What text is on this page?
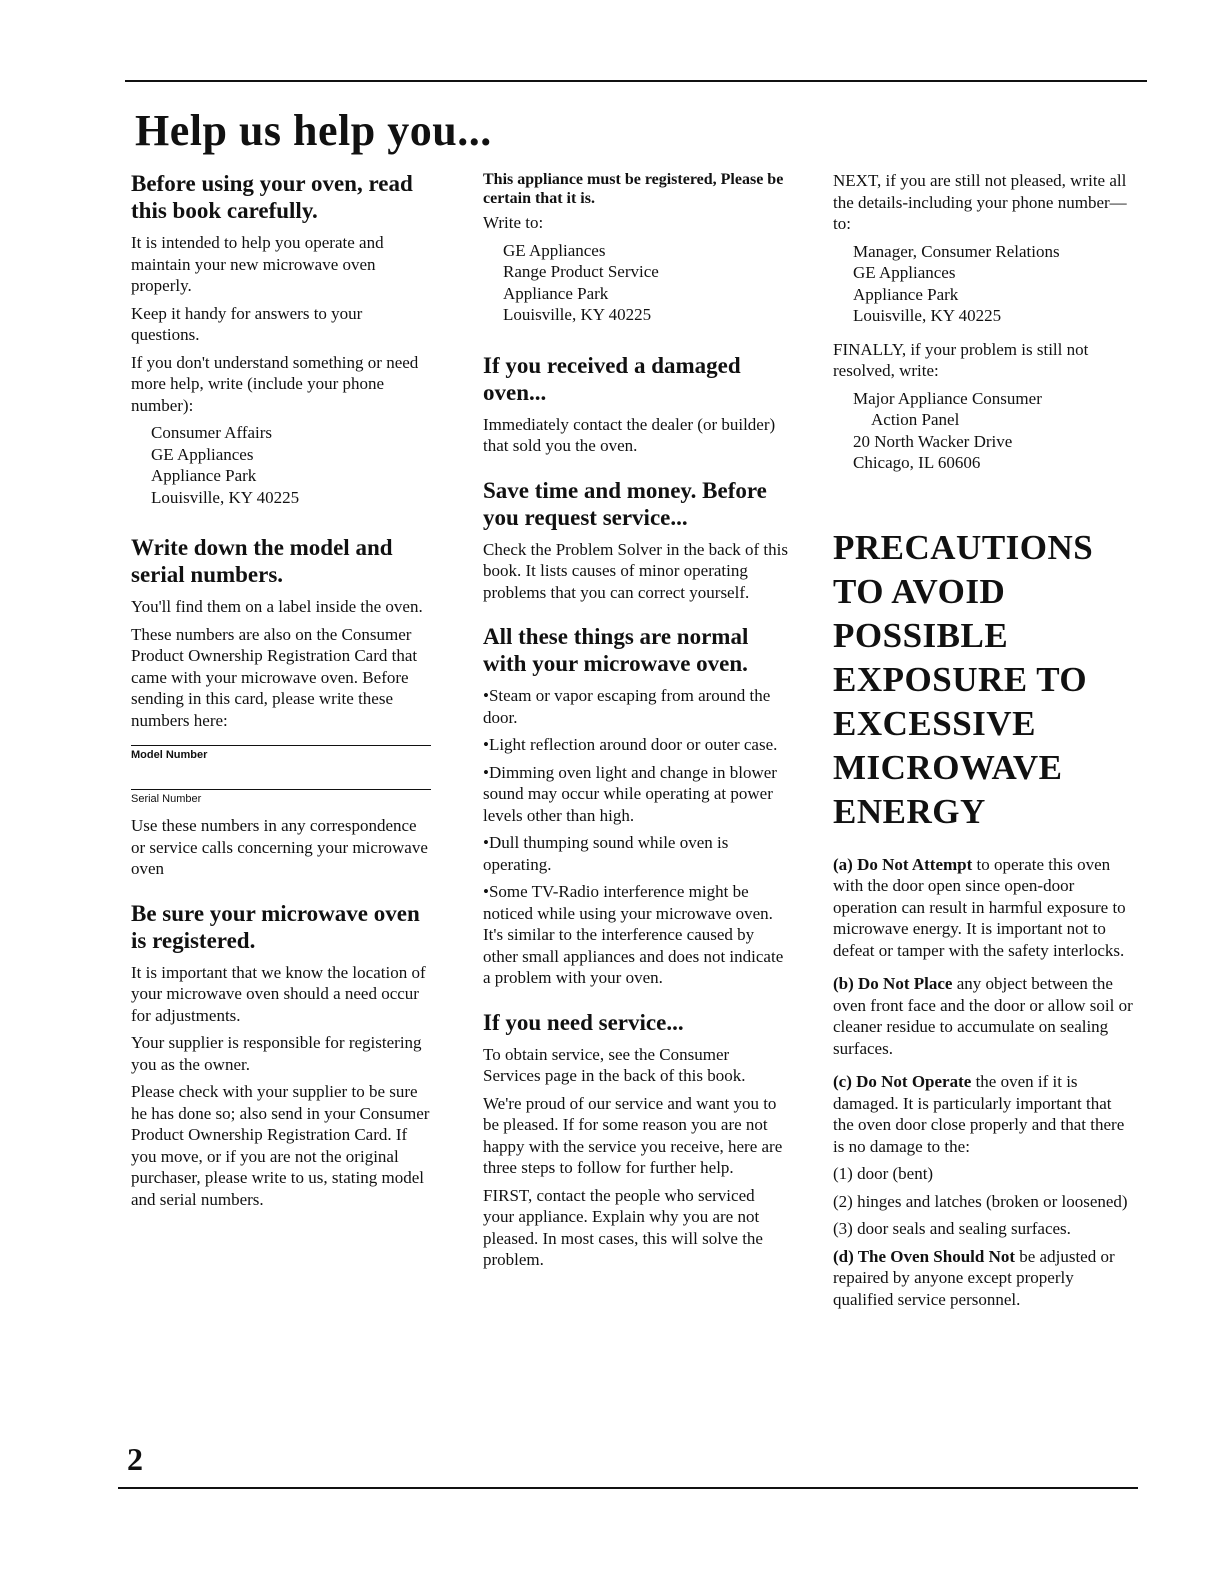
Help us help you...
Before using your oven, read this book carefully.

It is intended to help you operate and maintain your new microwave oven properly.

Keep it handy for answers to your questions.

If you don't understand something or need more help, write (include your phone number):

Consumer Affairs
GE Appliances
Appliance Park
Louisville, KY 40225
Write down the model and serial numbers.

You'll find them on a label inside the oven.

These numbers are also on the Consumer Product Ownership Registration Card that came with your microwave oven. Before sending in this card, please write these numbers here:

Model Number
Serial Number

Use these numbers in any correspondence or service calls concerning your microwave oven

Be sure your microwave oven is registered.

It is important that we know the location of your microwave oven should a need occur for adjustments.

Your supplier is responsible for registering you as the owner.

Please check with your supplier to be sure he has done so; also send in your Consumer Product Ownership Registration Card. If you move, or if you are not the original purchaser, please write to us, stating model and serial numbers.

This appliance must be registered, Please be certain that it is.

Write to:

GE Appliances
Range Product Service
Appliance Park
Louisville, KY 40225
If you received a damaged oven...

Immediately contact the dealer (or builder) that sold you the oven.

Save time and money. Before you request service...

Check the Problem Solver in the back of this book. It lists causes of minor operating problems that you can correct yourself.

All these things are normal with your microwave oven.

•Steam or vapor escaping from around the door.

•Light reflection around door or outer case.

•Dimming oven light and change in blower sound may occur while operating at power levels other than high.

•Dull thumping sound while oven is operating.

•Some TV-Radio interference might be noticed while using your microwave oven. It's similar to the interference caused by other small appliances and does not indicate a problem with your oven.

If you need service...

To obtain service, see the Consumer Services page in the back of this book.

We're proud of our service and want you to be pleased. If for some reason you are not happy with the service you receive, here are three steps to follow for further help.

FIRST, contact the people who serviced your appliance. Explain why you are not pleased. In most cases, this will solve the problem.

NEXT, if you are still not pleased, write all the details-including your phone number—to:

Manager, Consumer Relations
GE Appliances
Appliance Park
Louisville, KY 40225

FINALLY, if your problem is still not resolved, write:

Major Appliance Consumer
Action Panel
20 North Wacker Drive
Chicago, IL 60606
PRECAUTIONS TO AVOID POSSIBLE EXPOSURE TO EXCESSIVE MICROWAVE ENERGY

(a) Do Not Attempt to operate this oven with the door open since open-door operation can result in harmful exposure to microwave energy. It is important not to defeat or tamper with the safety interlocks.

(b) Do Not Place any object between the oven front face and the door or allow soil or cleaner residue to accumulate on sealing surfaces.

(c) Do Not Operate the oven if it is damaged. It is particularly important that the oven door close properly and that there is no damage to the:

(1) door (bent)

(2) hinges and latches (broken or loosened)

(3) door seals and sealing surfaces.

(d) The Oven Should Not be adjusted or repaired by anyone except properly qualified service personnel.

2
